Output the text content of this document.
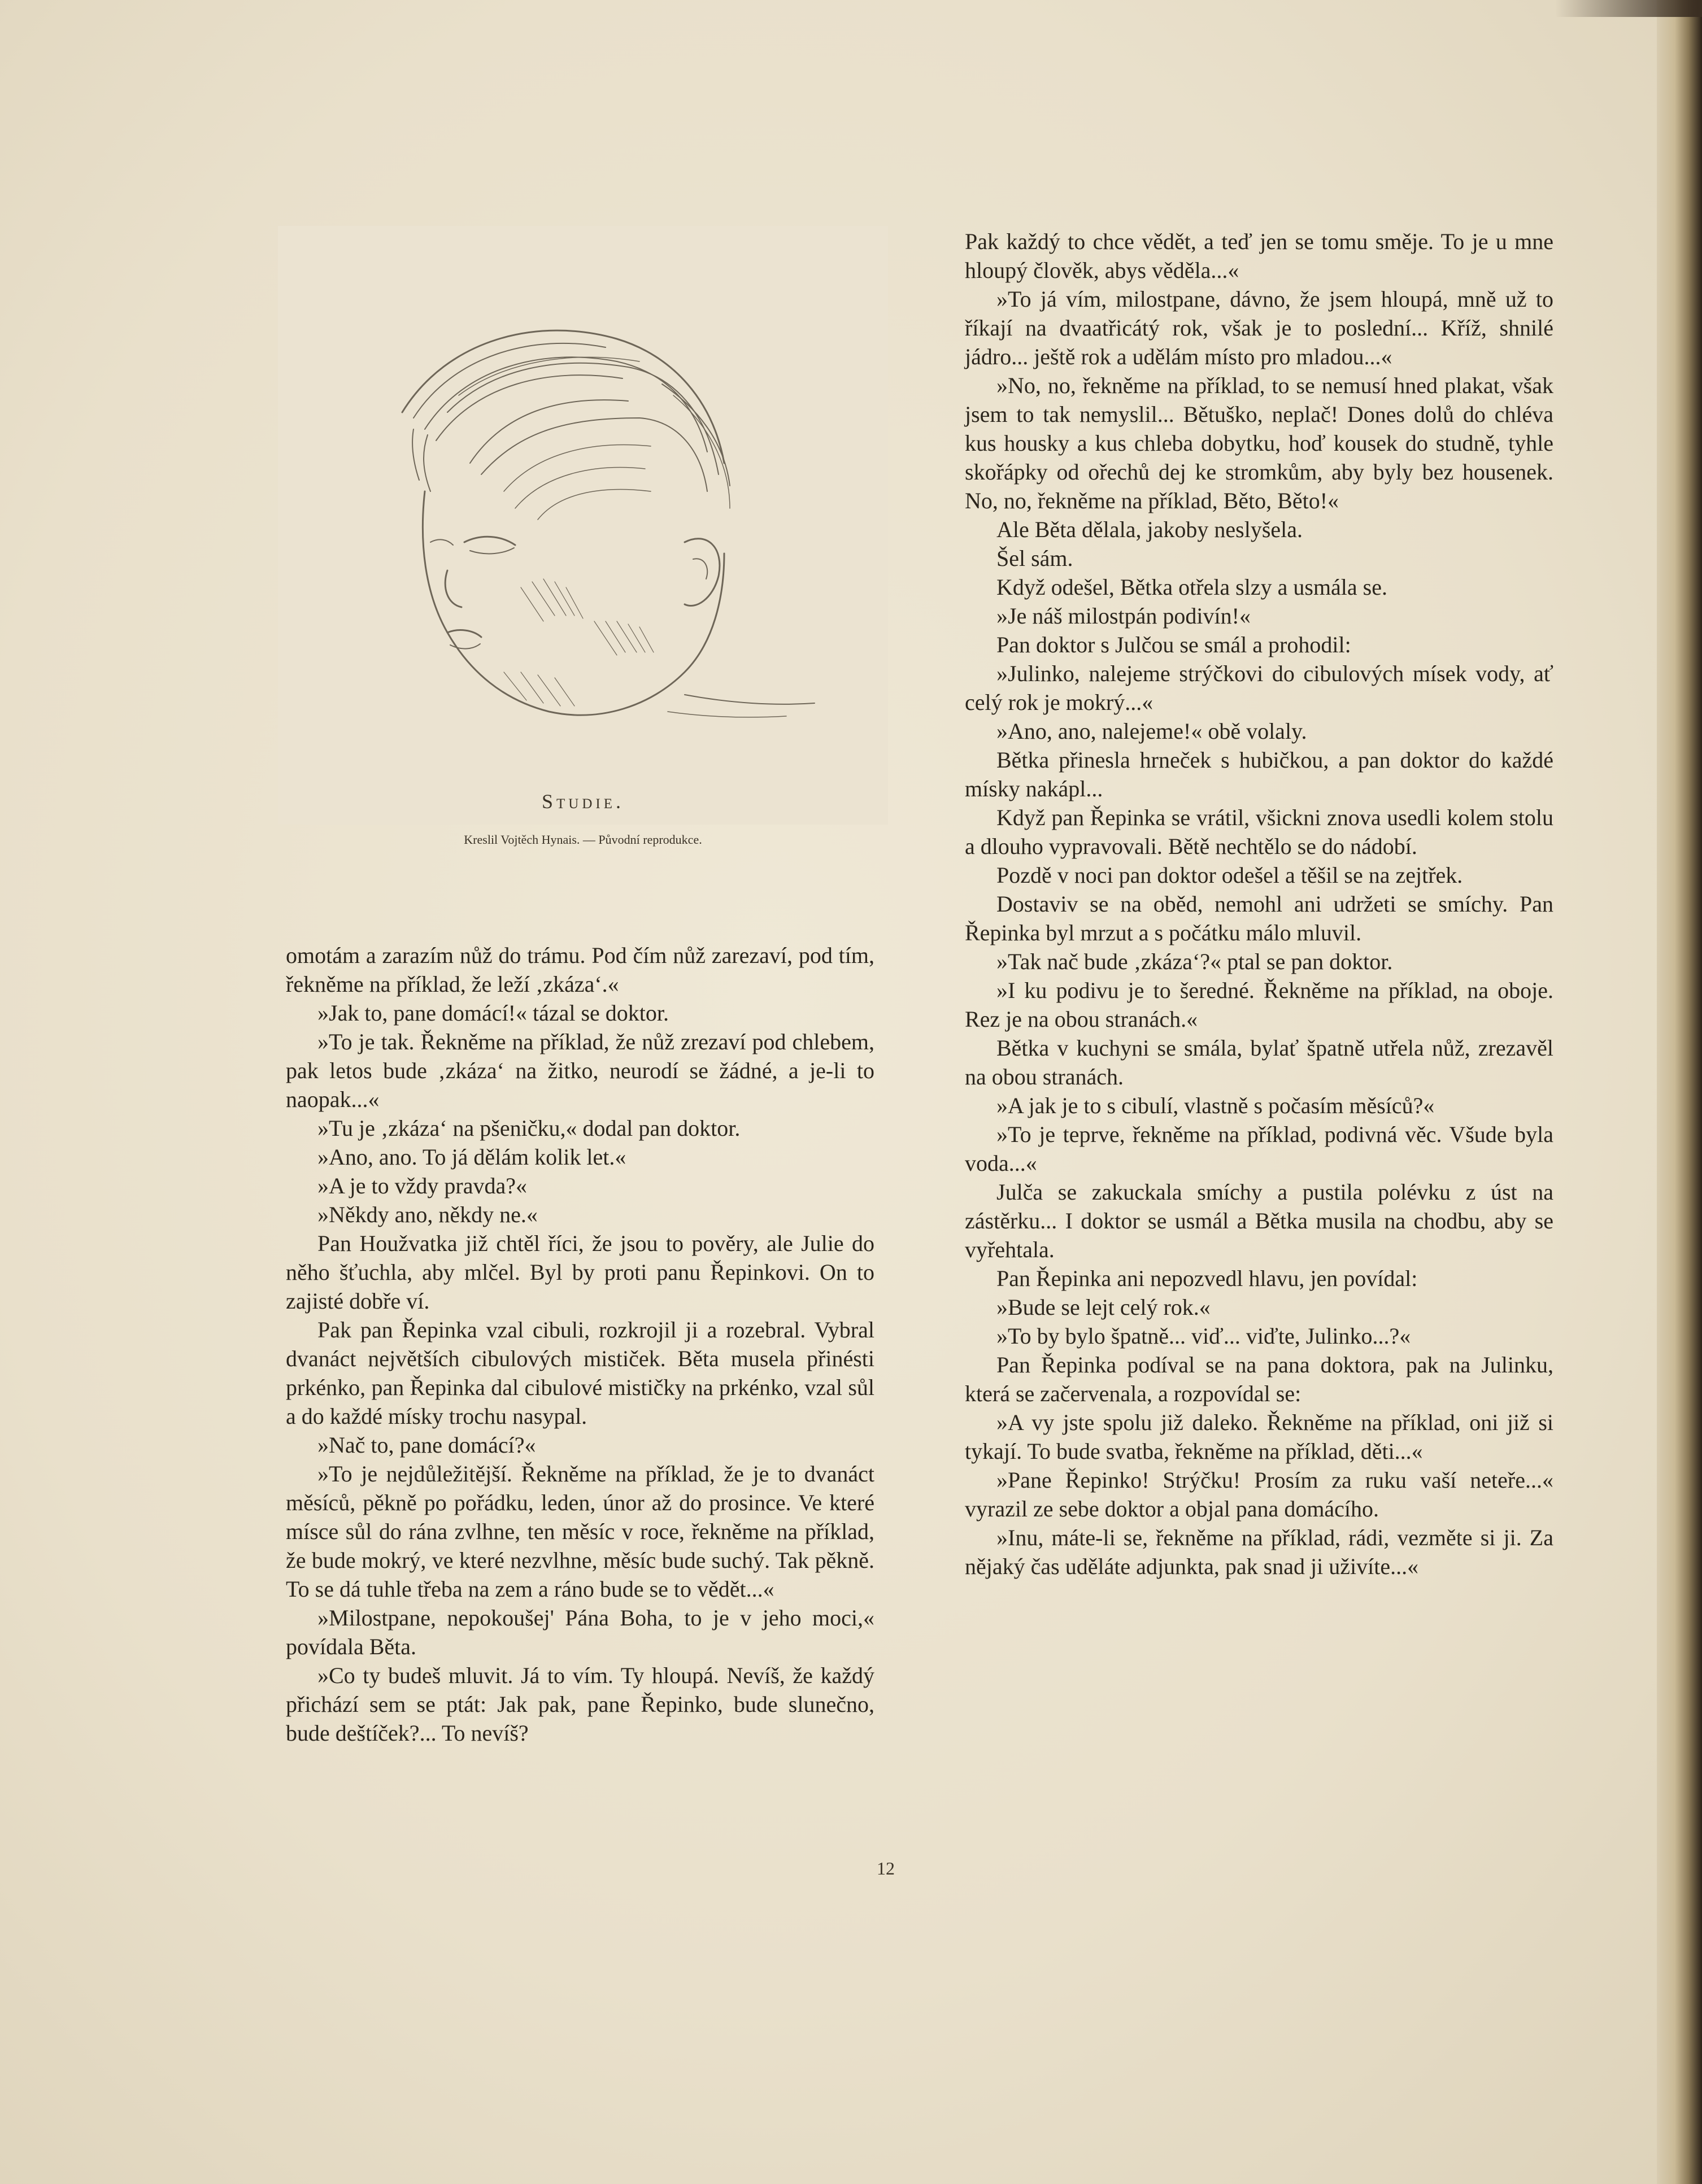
Studie.
Kreslil Vojtěch Hynais. — Původní reprodukce.

omotám a zarazím nůž do trámu. Pod čím nůž zarezaví, pod tím, řekněme na příklad, že leží ‚zkáza‘.«

»Jak to, pane domácí!« tázal se doktor.

»To je tak. Řekněme na příklad, že nůž zrezaví pod chlebem, pak letos bude ‚zkáza‘ na žitko, neurodí se žádné, a je-li to naopak...«

»Tu je ‚zkáza‘ na pšeničku,« dodal pan doktor.

»Ano, ano. To já dělám kolik let.«

»A je to vždy pravda?«

»Někdy ano, někdy ne.«

Pan Houžvatka již chtěl říci, že jsou to pověry, ale Julie do něho šťuchla, aby mlčel. Byl by proti panu Řepinkovi. On to zajisté dobře ví.

Pak pan Řepinka vzal cibuli, rozkrojil ji a rozebral. Vybral dvanáct největších cibulových mističek. Běta musela přinésti prkénko, pan Řepinka dal cibulové mističky na prkénko, vzal sůl a do každé mísky trochu nasypal.

»Nač to, pane domácí?«

»To je nejdůležitější. Řekněme na příklad, že je to dvanáct měsíců, pěkně po pořádku, leden, únor až do prosince. Ve které mísce sůl do rána zvlhne, ten měsíc v roce, řekněme na příklad, že bude mokrý, ve které nezvlhne, měsíc bude suchý. Tak pěkně. To se dá tuhle třeba na zem a ráno bude se to vědět...«

»Milostpane, nepokoušej' Pána Boha, to je v jeho moci,« povídala Běta.

»Co ty budeš mluvit. Já to vím. Ty hloupá. Nevíš, že každý přichází sem se ptát: Jak pak, pane Řepinko, bude slunečno, bude deštíček?... To nevíš?

Pak každý to chce vědět, a teď jen se tomu směje. To je u mne hloupý člověk, abys věděla...«

»To já vím, milostpane, dávno, že jsem hloupá, mně už to říkají na dvaatřicátý rok, však je to poslední... Kříž, shnilé jádro... ještě rok a udělám místo pro mladou...«

»No, no, řekněme na příklad, to se nemusí hned plakat, však jsem to tak nemyslil... Bětuško, neplač! Dones dolů do chléva kus housky a kus chleba dobytku, hoď kousek do studně, tyhle skořápky od ořechů dej ke stromkům, aby byly bez housenek. No, no, řekněme na příklad, Běto, Běto!«

Ale Běta dělala, jakoby neslyšela.

Šel sám.

Když odešel, Bětka otřela slzy a usmála se.

»Je náš milostpán podivín!«

Pan doktor s Julčou se smál a prohodil:

»Julinko, nalejeme strýčkovi do cibulových mísek vody, ať celý rok je mokrý...«

»Ano, ano, nalejeme!« obě volaly.

Bětka přinesla hrneček s hubičkou, a pan doktor do každé mísky nakápl...

Když pan Řepinka se vrátil, všickni znova usedli kolem stolu a dlouho vypravovali. Bětě nechtělo se do nádobí.

Pozdě v noci pan doktor odešel a těšil se na zejtřek.

Dostaviv se na oběd, nemohl ani udržeti se smíchy. Pan Řepinka byl mrzut a s počátku málo mluvil.

»Tak nač bude ‚zkáza‘?« ptal se pan doktor.

»I ku podivu je to šeredné. Řekněme na příklad, na oboje. Rez je na obou stranách.«

Bětka v kuchyni se smála, bylať špatně utřela nůž, zrezavěl na obou stranách.

»A jak je to s cibulí, vlastně s počasím měsíců?«

»To je teprve, řekněme na příklad, podivná věc. Všude byla voda...«

Julča se zakuckala smíchy a pustila polévku z úst na zástěrku... I doktor se usmál a Bětka musila na chodbu, aby se vyřehtala.

Pan Řepinka ani nepozvedl hlavu, jen povídal:

»Bude se lejt celý rok.«

»To by bylo špatně... viď... viďte, Julinko...?«

Pan Řepinka podíval se na pana doktora, pak na Julinku, která se začervenala, a rozpovídal se:

»A vy jste spolu již daleko. Řekněme na příklad, oni již si tykají. To bude svatba, řekněme na příklad, děti...«

»Pane Řepinko! Strýčku! Prosím za ruku vaší neteře...« vyrazil ze sebe doktor a objal pana domácího.

»Inu, máte-li se, řekněme na příklad, rádi, vezměte si ji. Za nějaký čas uděláte adjunkta, pak snad ji uživíte...«

12
